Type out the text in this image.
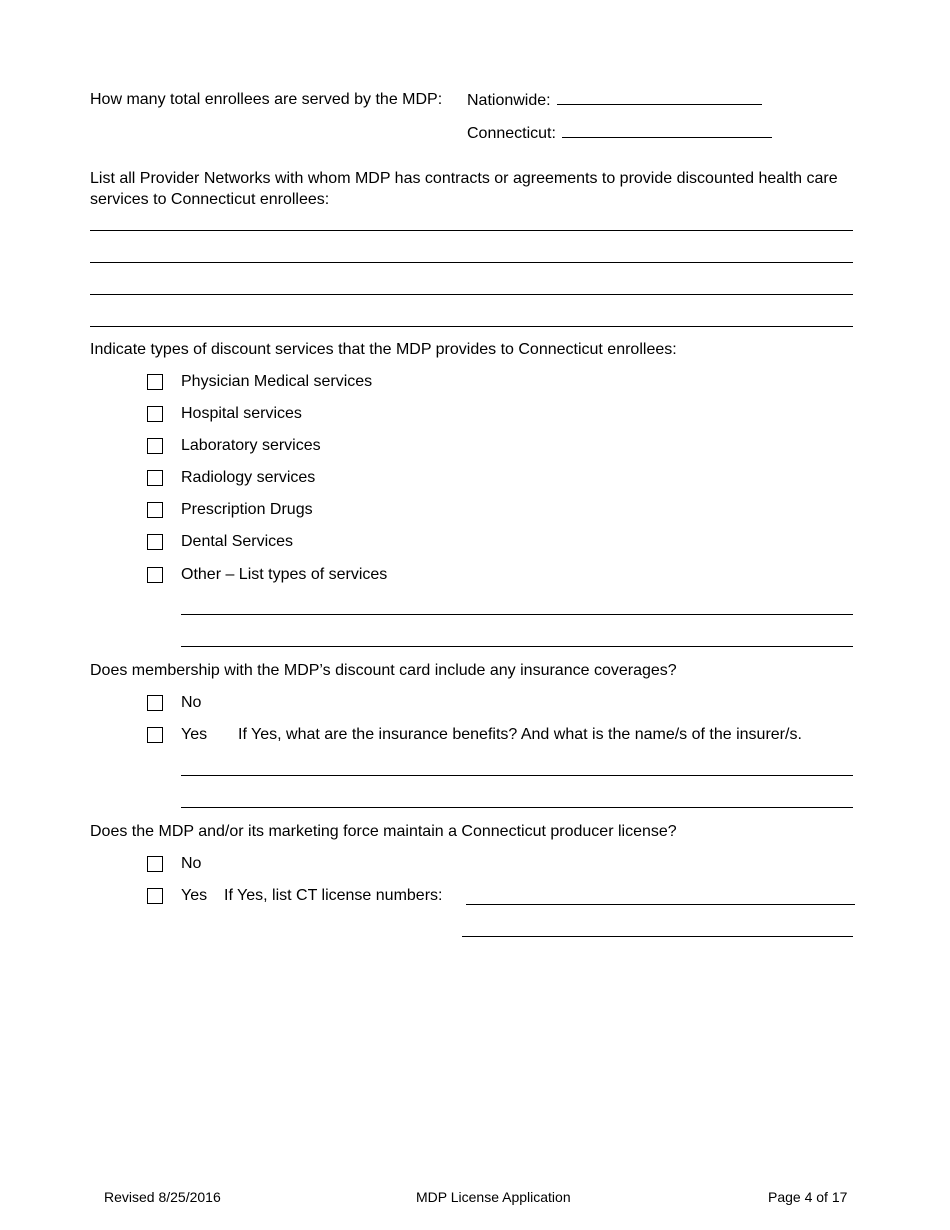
How many total enrollees are served by the MDP: Nationwide:
Connecticut:
List all Provider Networks with whom MDP has contracts or agreements to provide discounted health care services to Connecticut enrollees:
Indicate types of discount services that the MDP provides to Connecticut enrollees:
Physician Medical services
Hospital services
Laboratory services
Radiology services
Prescription Drugs
Dental Services
Other – List types of services
Does membership with the MDP’s discount card include any insurance coverages?
No
Yes If Yes, what are the insurance benefits? And what is the name/s of the insurer/s.
Does the MDP and/or its marketing force maintain a Connecticut producer license?
No
Yes If Yes, list CT license numbers:
Revised 8/25/2016	MDP License Application	Page 4 of 17
